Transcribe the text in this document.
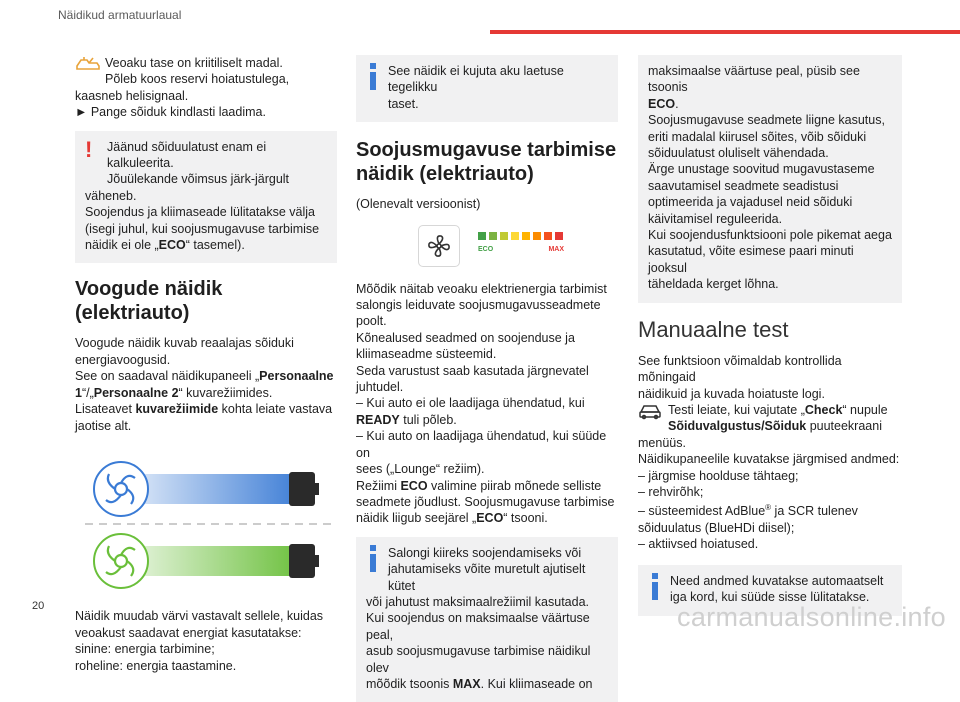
Näidikud armatuurlaual
Veoaku tase on kriitiliselt madal.
Põleb koos reservi hoiatustulega,
kaasneb helisignaal.
► Pange sõiduk kindlasti laadima.
!	Jäänud sõiduulatust enam ei kalkuleerita.
Jõuülekande võimsus järk-järgult
väheneb.
Soojendus ja kliimaseade lülitatakse välja
(isegi juhul, kui soojusmugavuse tarbimise
näidik ei ole „ECO“ tasemel).
Voogude näidik (elektriauto)
Voogude näidik kuvab reaalajas sõiduki
energiavoogusid.
See on saadaval näidikupaneeli „Personaalne
1“/„Personaalne 2“ kuvarežiimides.
Lisateavet kuvarežiimide kohta leiate vastava
jaotise alt.
Näidik muudab värvi vastavalt sellele, kuidas
veoakust saadavat energiat kasutatakse:
sinine: energia tarbimine;
roheline: energia taastamine.
See näidik ei kujuta aku laetuse tegelikku
taset.
Soojusmugavuse tarbimise
näidik (elektriauto)
(Olenevalt versioonist)
ECO	MAX
Mõõdik näitab veoaku elektrienergia tarbimist
salongis leiduvate soojusmugavusseadmete
poolt.
Kõnealused seadmed on soojenduse ja
kliimaseadme süsteemid.
Seda varustust saab kasutada järgnevatel
juhtudel.
– Kui auto ei ole laadijaga ühendatud, kui
READY tuli põleb.
– Kui auto on laadijaga ühendatud, kui süüde on
sees („Lounge“ režiim).
Režiimi ECO valimine piirab mõnede selliste
seadmete jõudlust. Soojusmugavuse tarbimise
näidik liigub seejärel „ECO“ tsooni.
Salongi kiireks soojendamiseks või
jahutamiseks võite muretult ajutiselt kütet
või jahutust maksimaalrežiimil kasutada.
Kui soojendus on maksimaalse väärtuse peal,
asub soojusmugavuse tarbimise näidikul olev
mõõdik tsoonis MAX. Kui kliimaseade on
maksimaalse väärtuse peal, püsib see tsoonis
ECO.
Soojusmugavuse seadmete liigne kasutus,
eriti madalal kiirusel sõites, võib sõiduki
sõiduulatust oluliselt vähendada.
Ärge unustage soovitud mugavustaseme
saavutamisel seadmete seadistusi
optimeerida ja vajadusel neid sõiduki
käivitamisel reguleerida.
Kui soojendusfunktsiooni pole pikemat aega
kasutatud, võite esimese paari minuti jooksul
täheldada kerget lõhna.
Manuaalne test
See funktsioon võimaldab kontrollida mõningaid
näidikuid ja kuvada hoiatuste logi.
Testi leiate, kui vajutate „Check“ nupule
Sõiduvalgustus/Sõiduk puuteekraani
menüüs.
Näidikupaneelile kuvatakse järgmised andmed:
– järgmise hoolduse tähtaeg;
– rehvirõhk;
– süsteemidest AdBlue® ja SCR tulenev
sõiduulatus (BlueHDi diisel);
– aktiivsed hoiatused.
Need andmed kuvatakse automaatselt
iga kord, kui süüde sisse lülitatakse.
20	carmanualsonline.info
